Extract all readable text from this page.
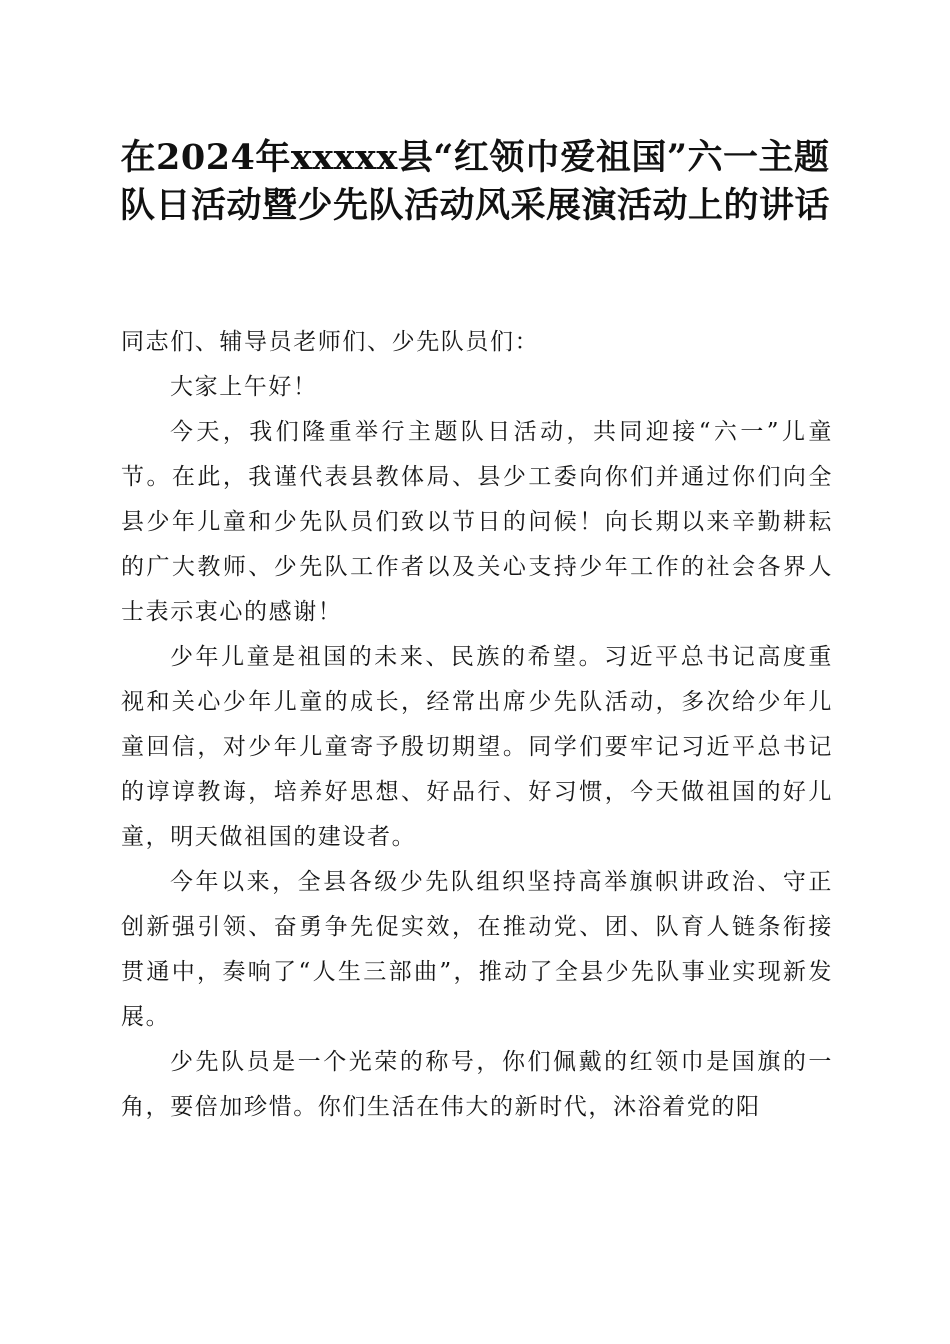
在2024年xxxxx县“红领巾爱祖国”六一主题队日活动暨少先队活动风采展演活动上的讲话

同志们、辅导员老师们、少先队员们：

大家上午好！

今天，我们隆重举行主题队日活动，共同迎接“六一”儿童节。在此，我谨代表县教体局、县少工委向你们并通过你们向全县少年儿童和少先队员们致以节日的问候！向长期以来辛勤耕耘的广大教师、少先队工作者以及关心支持少年工作的社会各界人士表示衷心的感谢！

少年儿童是祖国的未来、民族的希望。习近平总书记高度重视和关心少年儿童的成长，经常出席少先队活动，多次给少年儿童回信，对少年儿童寄予殷切期望。同学们要牢记习近平总书记的谆谆教诲，培养好思想、好品行、好习惯，今天做祖国的好儿童，明天做祖国的建设者。

今年以来，全县各级少先队组织坚持高举旗帜讲政治、守正创新强引领、奋勇争先促实效，在推动党、团、队育人链条衔接贯通中，奏响了“人生三部曲”，推动了全县少先队事业实现新发展。

少先队员是一个光荣的称号，你们佩戴的红领巾是国旗的一角，要倍加珍惜。你们生活在伟大的新时代，沐浴着党的阳
